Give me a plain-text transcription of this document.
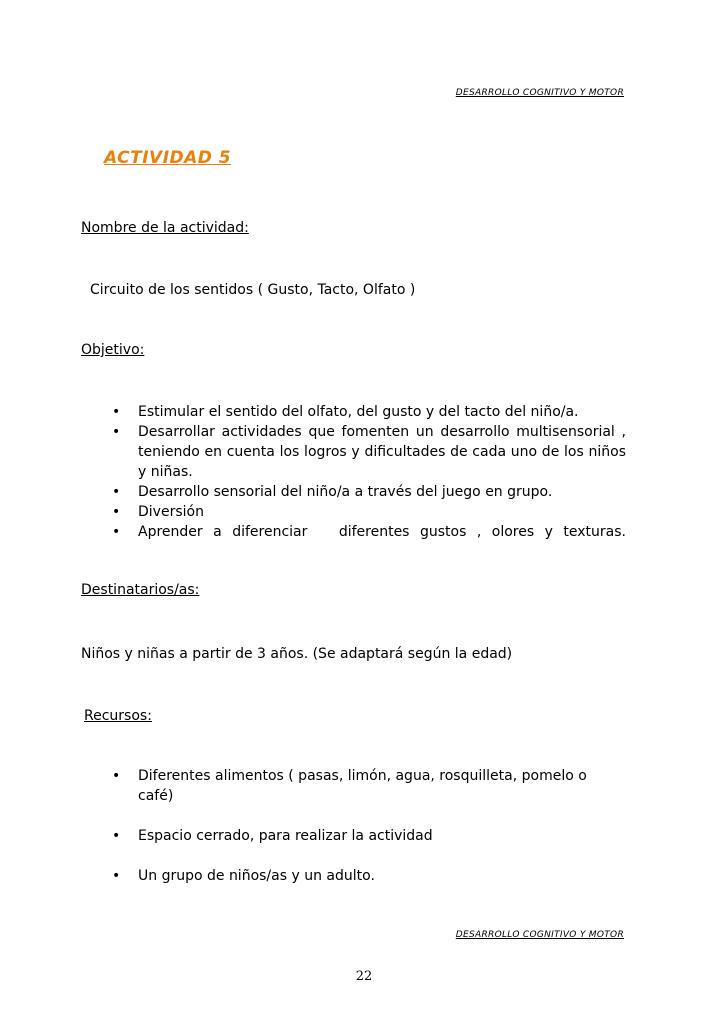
DESARROLLO COGNITIVO Y MOTOR
ACTIVIDAD 5
Nombre de la actividad:
Circuito de los sentidos ( Gusto, Tacto, Olfato )
Objetivo:
• Estimular el sentido del olfato, del gusto y del tacto del niño/a.
• Desarrollar actividades que fomenten un desarrollo multisensorial , teniendo en cuenta los logros y dificultades de cada uno de los niños y niñas.
• Desarrollo sensorial del niño/a a través del juego en grupo.
• Diversión
• Aprender a diferenciar   diferentes gustos , olores y texturas.
Destinatarios/as:
Niños y niñas a partir de 3 años. (Se adaptará según la edad)
Recursos:
• Diferentes alimentos ( pasas, limón, agua, rosquilleta, pomelo o café)
• Espacio cerrado, para realizar la actividad
• Un grupo de niños/as y un adulto.
DESARROLLO COGNITIVO Y MOTOR
22
